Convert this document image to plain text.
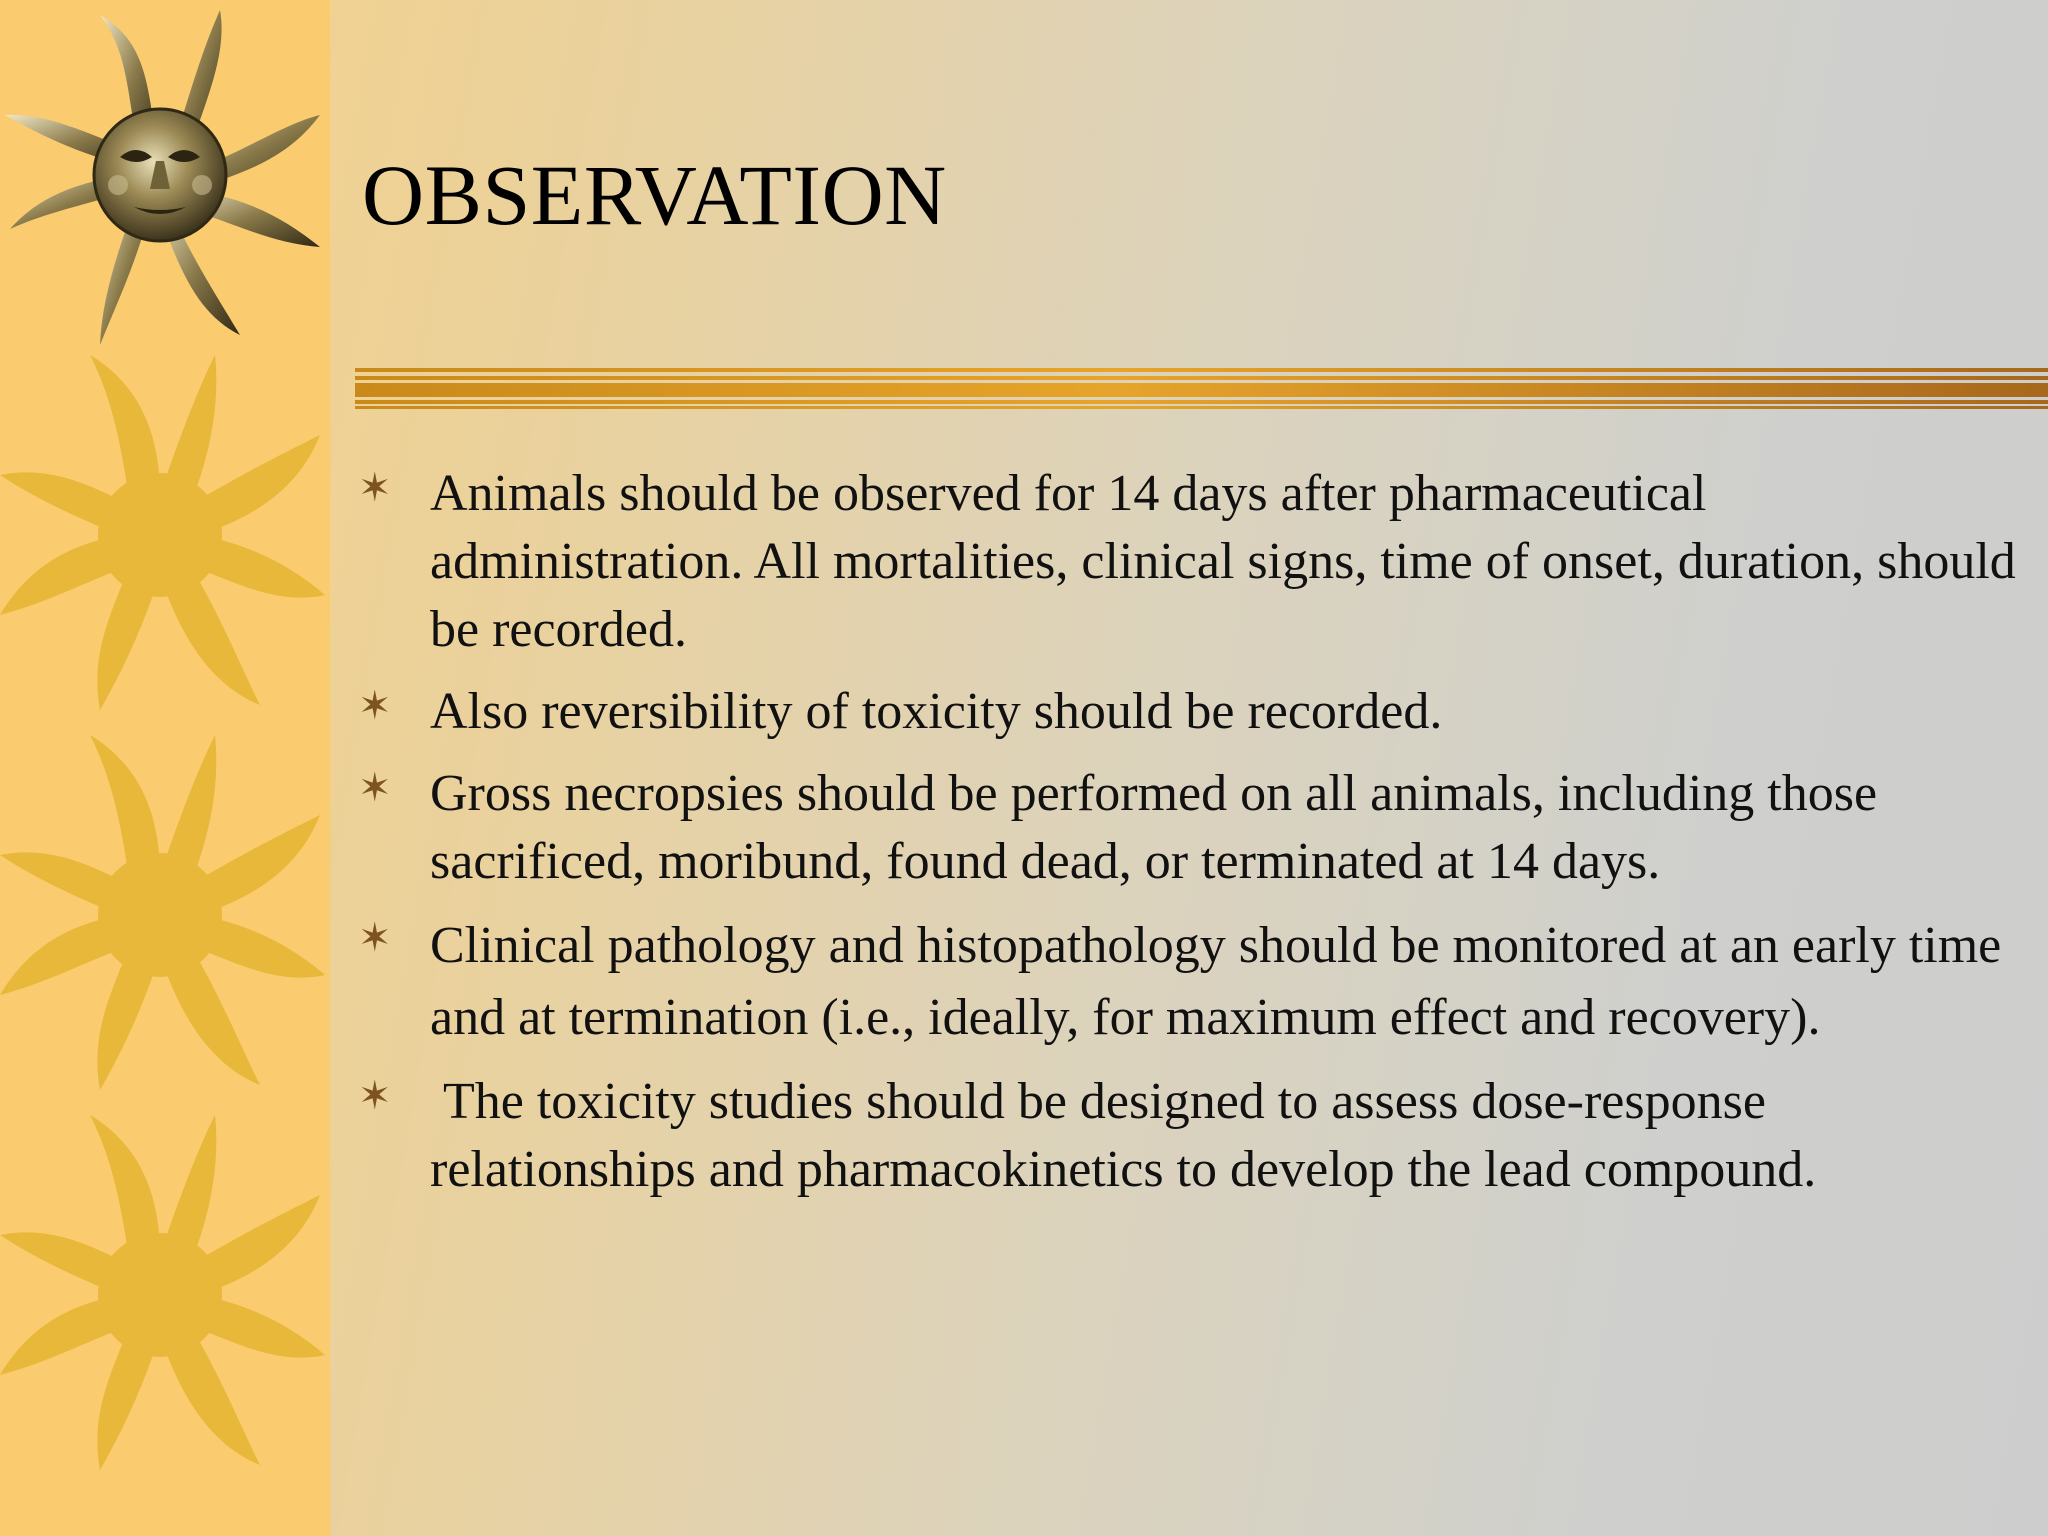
OBSERVATION
✶ Animals should be observed for 14 days after pharmaceutical administration. All mortalities, clinical signs, time of onset, duration, should be recorded.
✶ Also reversibility of toxicity should be recorded.
✶ Gross necropsies should be performed on all animals, including those sacrificed, moribund, found dead, or terminated at 14 days.
✶ Clinical pathology and histopathology should be monitored at an early time and at termination (i.e., ideally, for maximum effect and recovery).
✶ The toxicity studies should be designed to assess dose-response relationships and pharmacokinetics to develop the lead compound.
